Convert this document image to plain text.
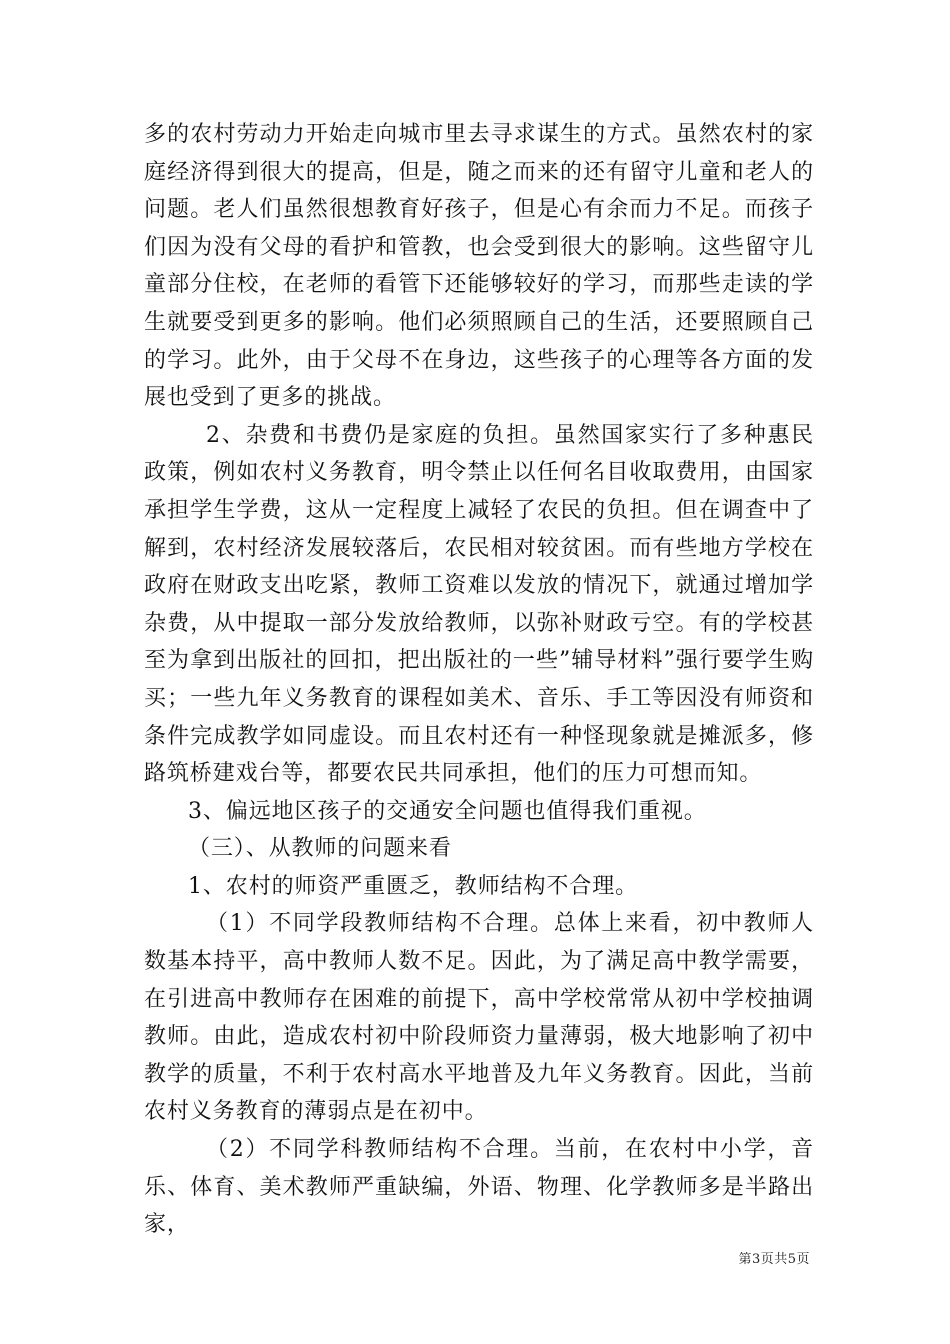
多的农村劳动力开始走向城市里去寻求谋生的方式。虽然农村的家庭经济得到很大的提高，但是，随之而来的还有留守儿童和老人的问题。老人们虽然很想教育好孩子，但是心有余而力不足。而孩子们因为没有父母的看护和管教，也会受到很大的影响。这些留守儿童部分住校，在老师的看管下还能够较好的学习，而那些走读的学生就要受到更多的影响。他们必须照顾自己的生活，还要照顾自己的学习。此外，由于父母不在身边，这些孩子的心理等各方面的发展也受到了更多的挑战。

2、杂费和书费仍是家庭的负担。虽然国家实行了多种惠民政策，例如农村义务教育，明令禁止以任何名目收取费用，由国家承担学生学费，这从一定程度上减轻了农民的负担。但在调查中了解到，农村经济发展较落后，农民相对较贫困。而有些地方学校在政府在财政支出吃紧，教师工资难以发放的情况下，就通过增加学杂费，从中提取一部分发放给教师，以弥补财政亏空。有的学校甚至为拿到出版社的回扣，把出版社的一些”辅导材料”强行要学生购买；一些九年义务教育的课程如美术、音乐、手工等因没有师资和条件完成教学如同虚设。而且农村还有一种怪现象就是摊派多，修路筑桥建戏台等，都要农民共同承担，他们的压力可想而知。

3、偏远地区孩子的交通安全问题也值得我们重视。

（三）、从教师的问题来看

1、农村的师资严重匮乏，教师结构不合理。

（1）不同学段教师结构不合理。总体上来看，初中教师人数基本持平，高中教师人数不足。因此，为了满足高中教学需要，在引进高中教师存在困难的前提下，高中学校常常从初中学校抽调教师。由此，造成农村初中阶段师资力量薄弱，极大地影响了初中教学的质量，不利于农村高水平地普及九年义务教育。因此，当前农村义务教育的薄弱点是在初中。

（2）不同学科教师结构不合理。当前，在农村中小学，音乐、体育、美术教师严重缺编，外语、物理、化学教师多是半路出家，

第3页共5页
